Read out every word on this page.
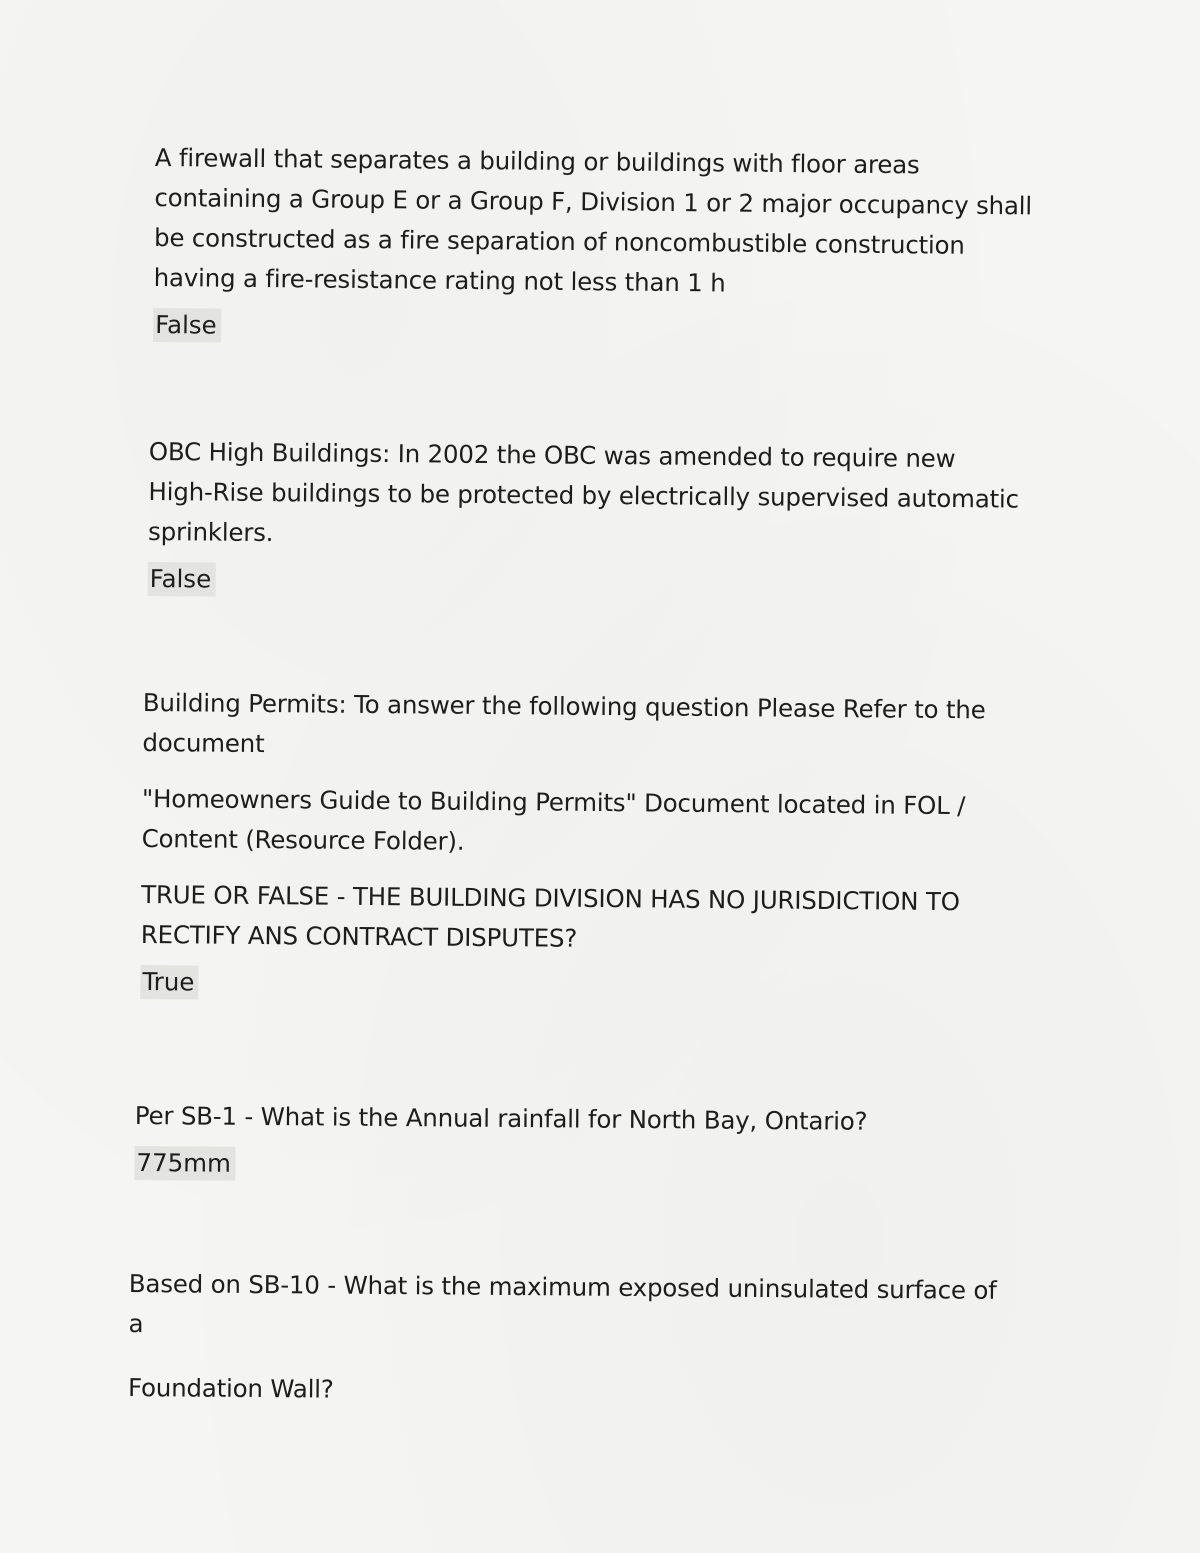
A firewall that separates a building or buildings with floor areas
containing a Group E or a Group F, Division 1 or 2 major occupancy shall
be constructed as a fire separation of noncombustible construction
having a fire-resistance rating not less than 1 h

False

OBC High Buildings: In 2002 the OBC was amended to require new
High-Rise buildings to be protected by electrically supervised automatic
sprinklers.

False

Building Permits: To answer the following question Please Refer to the
document

"Homeowners Guide to Building Permits" Document located in FOL /
Content (Resource Folder).

TRUE OR FALSE - THE BUILDING DIVISION HAS NO JURISDICTION TO
RECTIFY ANS CONTRACT DISPUTES?

True

Per SB-1 - What is the Annual rainfall for North Bay, Ontario?

775mm

Based on SB-10 - What is the maximum exposed uninsulated surface of
a

Foundation Wall?
